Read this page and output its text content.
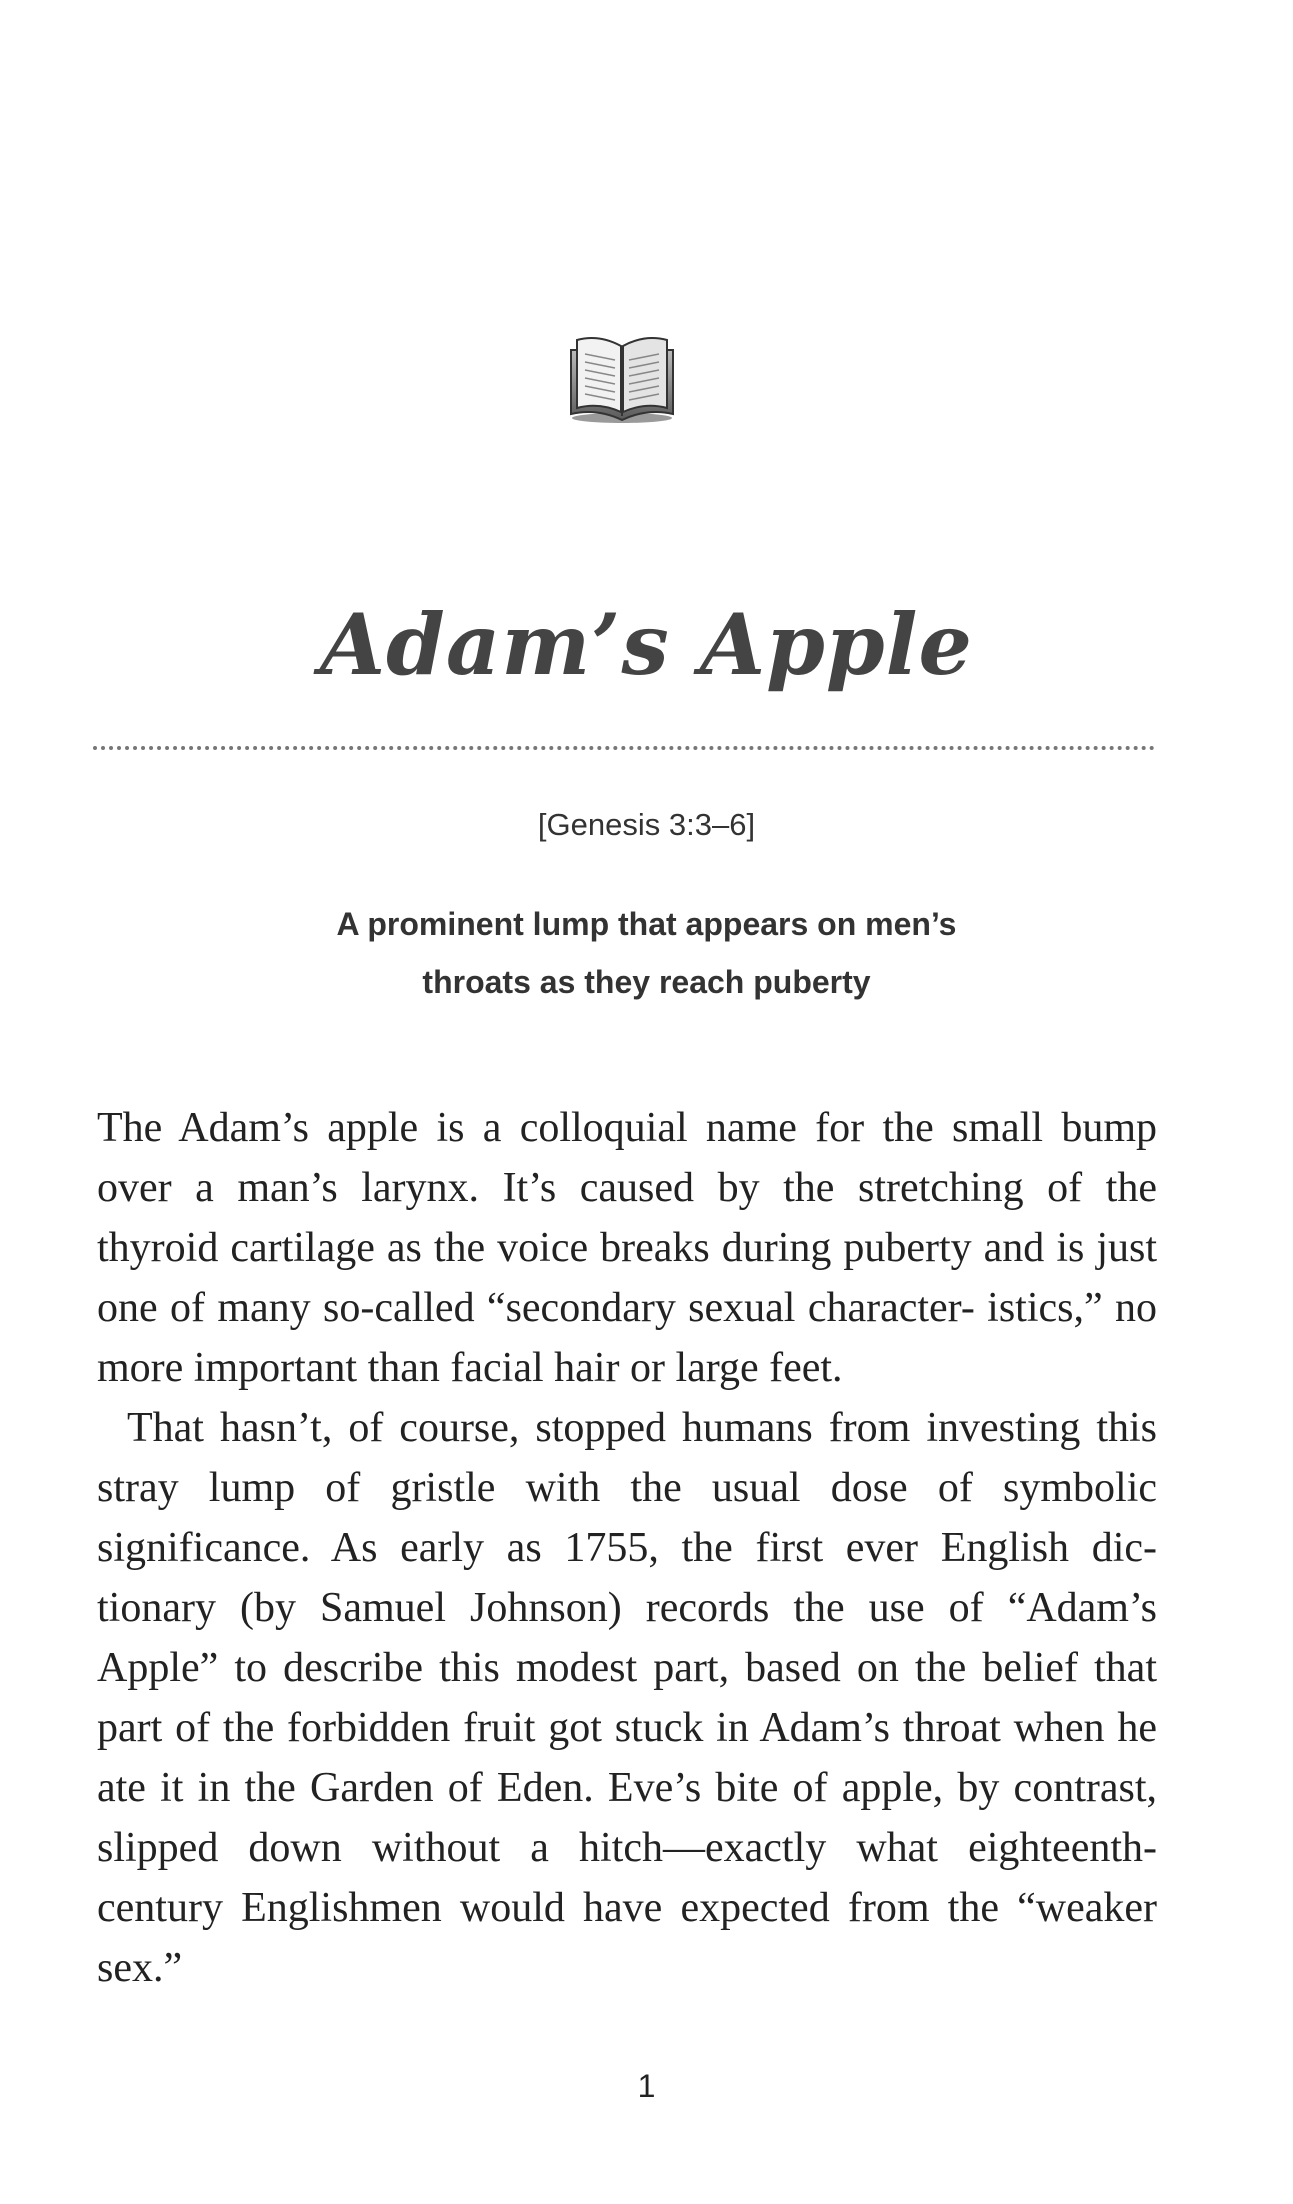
Adam’s Apple
[Genesis 3:3–6]
A prominent lump that appears on men’s
throats as they reach puberty

The Adam’s apple is a colloquial name for the small bump over a man’s larynx. It’s caused by the stretching of the thyroid cartilage as the voice breaks during puberty and is just one of many so-called “secondary sexual character- istics,” no more important than facial hair or large feet.

That hasn’t, of course, stopped humans from investing this stray lump of gristle with the usual dose of symbolic significance. As early as 1755, the first ever English dic- tionary (by Samuel Johnson) records the use of “Adam’s Apple” to describe this modest part, based on the belief that part of the forbidden fruit got stuck in Adam’s throat when he ate it in the Garden of Eden. Eve’s bite of apple, by contrast, slipped down without a hitch—exactly what eighteenth-century Englishmen would have expected from the “weaker sex.”

1
